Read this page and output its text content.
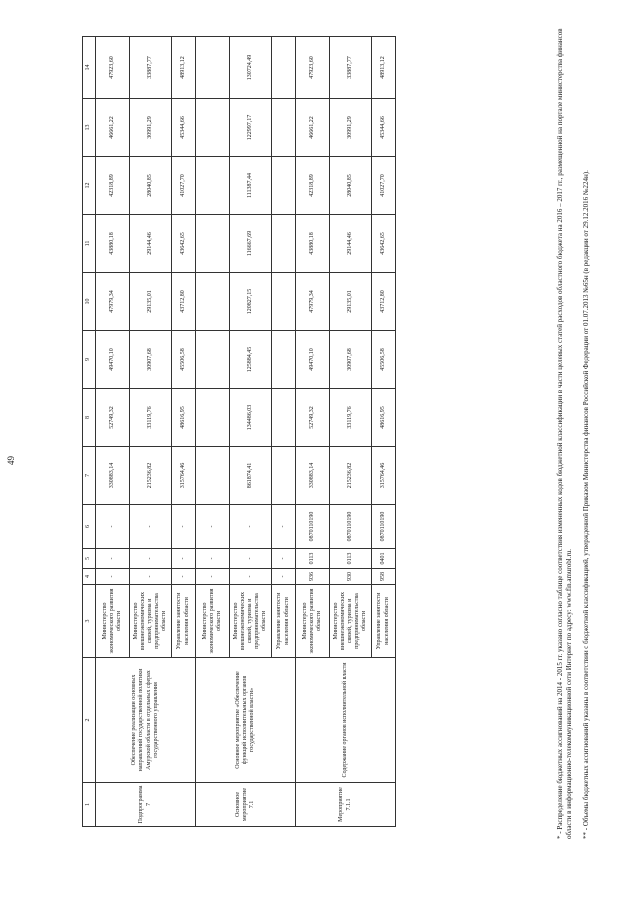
49
1	2	3	4	5	6	7	8	9	10	11	12	13	14
Подпрограмма 7	Обеспечение реализации основных направлений государственной политики Амурской области в отдельных сферах государственного управления	Министерство экономического развития области	-	-	-	330883,14	52749,32	49470,10	47979,34	43880,18	42318,89	46661,22	47923,60
		Министерство внешнеэкономических связей, туризма и предпринимательства области	-	-	-	215236,82	33119,76	30907,68	29135,01	29144,46	28040,85	30991,29	33887,77
		Управление занятости населения области	-	-	-	315764,46	48616,95	45506,58	43712,80	43642,65	41027,70	45344,66	48913,12
Основное мероприятие 7.1	Основное мероприятие «Обеспечение функций исполнительных органов государственной власти»	Министерство экономического развития области	-	-	-								
		Министерство внешнеэкономических связей, туризма и предпринимательства области	-	-	-	861874,41	134486,03	125884,45	120827,15	116667,69	111387,44	122997,17	130724,49
		Управление занятости населения области	-	-	-								
Мероприятие 7.1.1	Содержание органов исполнительной власти	Министерство экономического развития области	936	0113	0870110190	330883,14	52749,32	49470,10	47979,34	43880,18	42318,89	46661,22	47923,60
		Министерство внешнеэкономических связей, туризма и предпринимательства области	930	0113	0870110190	215236,82	33119,76	30907,68	29135,01	29144,46	28040,85	30991,29	33887,77
		Управление занятости населения области	958	0401	0870110190	315764,46	48616,95	45506,58	43712,80	43642,65	41027,70	45344,66	48913,12	* - Распределение бюджетных ассигнований на 2014 - 2015 гг. указано согласно таблице соответствия измененных кодов бюджетной классификации в части целевых статей расходов областного бюджета на 2016 – 2017 гг., размещенной на портале министерства финансов области в информационно-телекоммуникационной сети Интернет по адресу: www.fin.amurobl.ru. ** - Объемы бюджетных ассигнований указаны в соответствии с бюджетной классификацией, утвержденной Приказом Министерства финансов Российской Федерации от 01.07.2013 №65н (в редакции от 29.12.2016 №224н).
